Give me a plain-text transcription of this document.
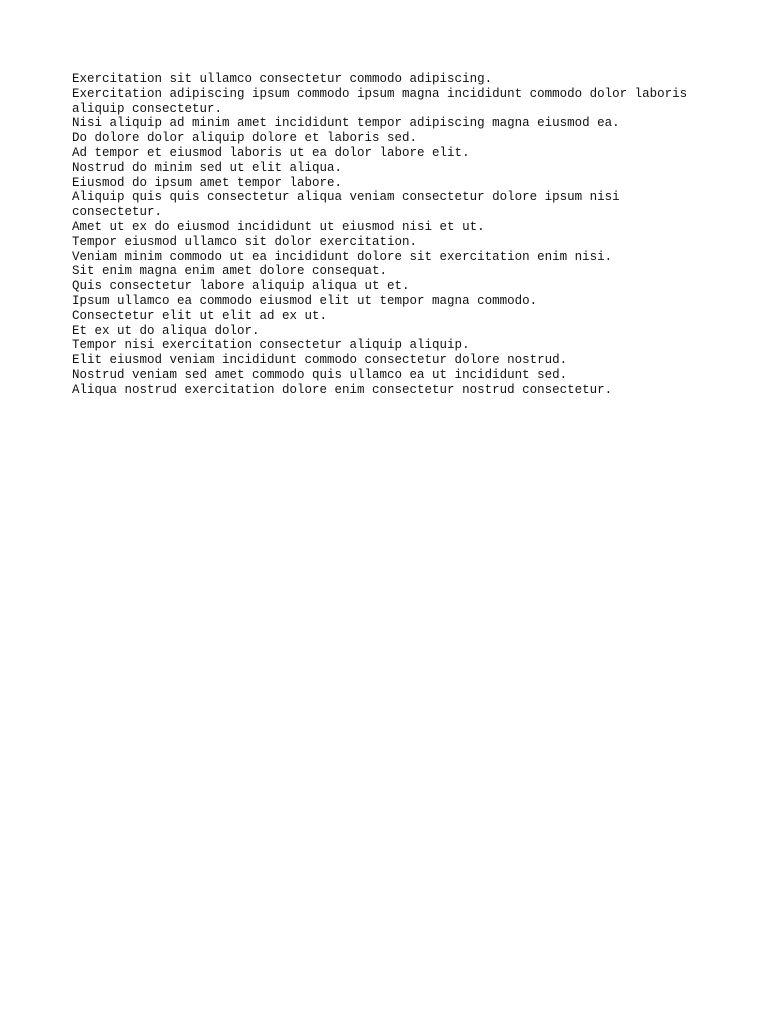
Exercitation sit ullamco consectetur commodo adipiscing.
Exercitation adipiscing ipsum commodo ipsum magna incididunt commodo dolor laboris aliquip consectetur.
Nisi aliquip ad minim amet incididunt tempor adipiscing magna eiusmod ea.
Do dolore dolor aliquip dolore et laboris sed.
Ad tempor et eiusmod laboris ut ea dolor labore elit.
Nostrud do minim sed ut elit aliqua.
Eiusmod do ipsum amet tempor labore.
Aliquip quis quis consectetur aliqua veniam consectetur dolore ipsum nisi consectetur.
Amet ut ex do eiusmod incididunt ut eiusmod nisi et ut.
Tempor eiusmod ullamco sit dolor exercitation.
Veniam minim commodo ut ea incididunt dolore sit exercitation enim nisi.
Sit enim magna enim amet dolore consequat.
Quis consectetur labore aliquip aliqua ut et.
Ipsum ullamco ea commodo eiusmod elit ut tempor magna commodo.
Consectetur elit ut elit ad ex ut.
Et ex ut do aliqua dolor.
Tempor nisi exercitation consectetur aliquip aliquip.
Elit eiusmod veniam incididunt commodo consectetur dolore nostrud.
Nostrud veniam sed amet commodo quis ullamco ea ut incididunt sed.
Aliqua nostrud exercitation dolore enim consectetur nostrud consectetur.
